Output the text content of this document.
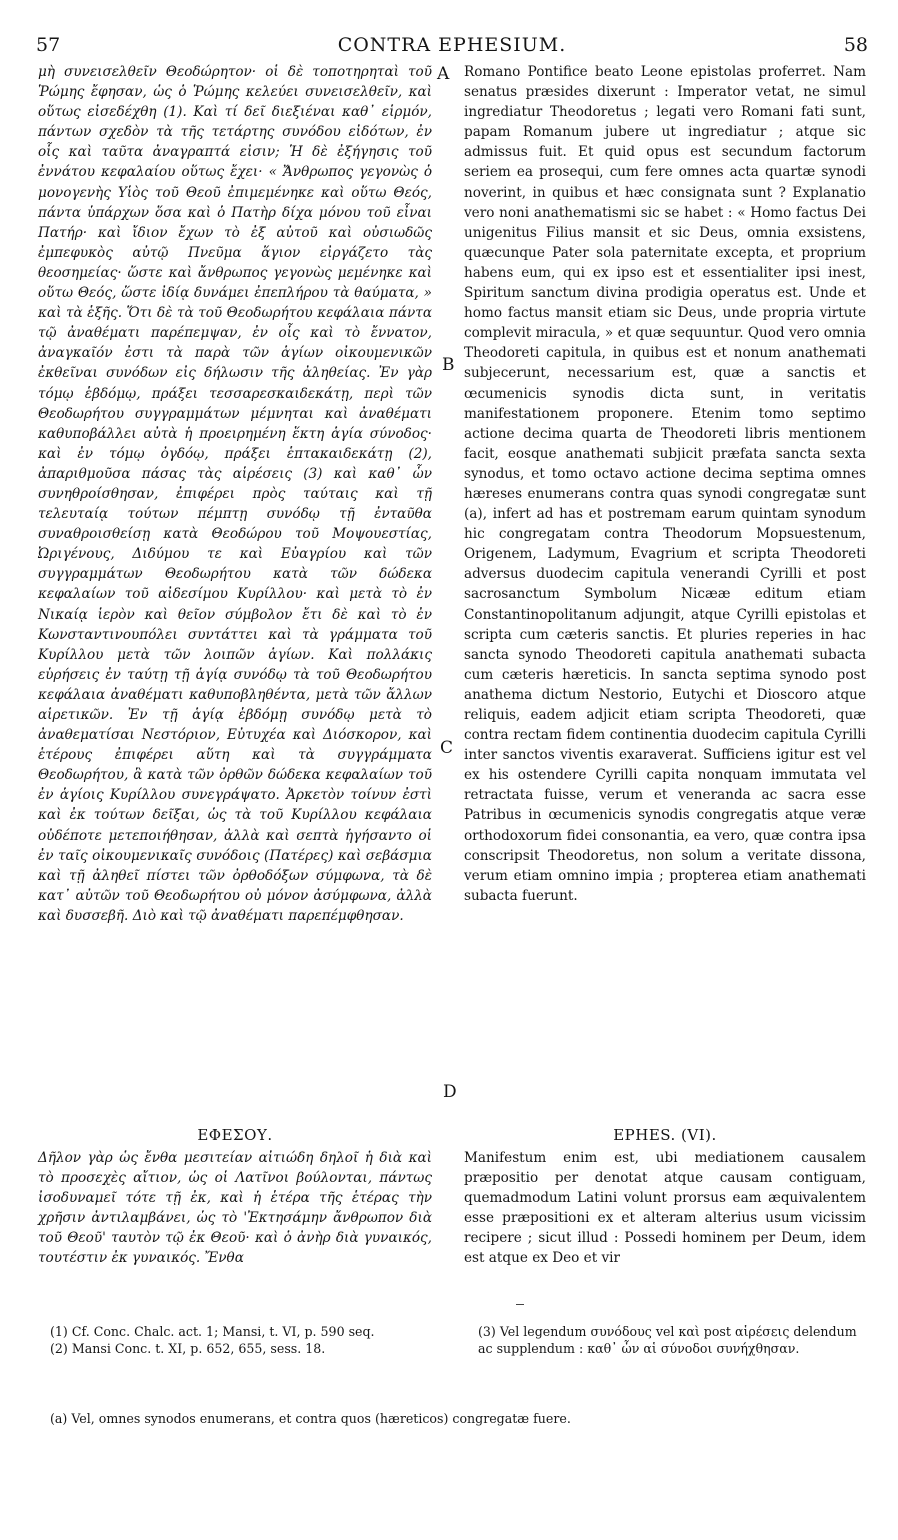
57	CONTRA EPHESIUM.	58

μὴ συνεισελθεῖν Θεοδώρητον· οἱ δὲ τοποτηρηταὶ τοῦ Ῥώμης ἔφησαν, ὡς ὁ Ῥώμης κελεύει συνεισελθεῖν, καὶ οὕτως εἰσεδέχθη (1). Καὶ τί δεῖ διεξιέναι καθ᾽ εἱρμόν, πάντων σχεδὸν τὰ τῆς τετάρτης συνόδου εἰδότων, ἐν οἷς καὶ ταῦτα ἀναγραπτά εἰσιν; Ἡ δὲ ἐξήγησις τοῦ ἐννάτου κεφαλαίου οὕτως ἔχει· « Ἄνθρωπος γεγονὼς ὁ μονογενὴς Υἱὸς τοῦ Θεοῦ ἐπιμεμένηκε καὶ οὕτω Θεός, πάντα ὑπάρχων ὅσα καὶ ὁ Πατὴρ δίχα μόνου τοῦ εἶναι Πατήρ· καὶ ἴδιον ἔχων τὸ ἐξ αὐτοῦ καὶ οὐσιωδῶς ἐμπεφυκὸς αὐτῷ Πνεῦμα ἅγιον εἰργάζετο τὰς θεοσημείας· ὥστε καὶ ἄνθρωπος γεγονὼς μεμένηκε καὶ οὕτω Θεός, ὥστε ἰδίᾳ δυνάμει ἐπεπλήρου τὰ θαύματα, » καὶ τὰ ἑξῆς. Ὅτι δὲ τὰ τοῦ Θεοδωρήτου κεφάλαια πάντα τῷ ἀναθέματι παρέπεμψαν, ἐν οἷς καὶ τὸ ἔννατον, ἀναγκαῖόν ἐστι τὰ παρὰ τῶν ἁγίων οἰκουμενικῶν ἐκθεῖναι συνόδων εἰς δήλωσιν τῆς ἀληθείας. Ἐν γὰρ τόμῳ ἑβδόμῳ, πράξει τεσσαρεσκαιδεκάτῃ, περὶ τῶν Θεοδωρήτου συγγραμμάτων μέμνηται καὶ ἀναθέματι καθυποβάλλει αὐτὰ ἡ προειρημένη ἕκτη ἁγία σύνοδος· καὶ ἐν τόμῳ ὀγδόῳ, πράξει ἑπτακαιδεκάτῃ (2), ἀπαριθμοῦσα πάσας τὰς αἱρέσεις (3) καὶ καθ᾽ ὧν συνηθροίσθησαν, ἐπιφέρει πρὸς ταύταις καὶ τῇ τελευταίᾳ τούτων πέμπτῃ συνόδῳ τῇ ἐνταῦθα συναθροισθείσῃ κατὰ Θεοδώρου τοῦ Μοψουεστίας, Ὠριγένους, Διδύμου τε καὶ Εὐαγρίου καὶ τῶν συγγραμμάτων Θεοδωρήτου κατὰ τῶν δώδεκα κεφαλαίων τοῦ αἰδεσίμου Κυρίλλου· καὶ μετὰ τὸ ἐν Νικαίᾳ ἱερὸν καὶ θεῖον σύμβολον ἔτι δὲ καὶ τὸ ἐν Κωνσταντινουπόλει συντάττει καὶ τὰ γράμματα τοῦ Κυρίλλου μετὰ τῶν λοιπῶν ἁγίων. Καὶ πολλάκις εὑρήσεις ἐν ταύτῃ τῇ ἁγίᾳ συνόδῳ τὰ τοῦ Θεοδωρήτου κεφάλαια ἀναθέματι καθυποβληθέντα, μετὰ τῶν ἄλλων αἱρετικῶν. Ἐν τῇ ἁγίᾳ ἑβδόμῃ συνόδῳ μετὰ τὸ ἀναθεματίσαι Νεστόριον, Εὐτυχέα καὶ Διόσκορον, καὶ ἑτέρους ἐπιφέρει αὕτη καὶ τὰ συγγράμματα Θεοδωρήτου, ἃ κατὰ τῶν ὀρθῶν δώδεκα κεφαλαίων τοῦ ἐν ἁγίοις Κυρίλλου συνεγράψατο. Ἀρκετὸν τοίνυν ἐστὶ καὶ ἐκ τούτων δεῖξαι, ὡς τὰ τοῦ Κυρίλλου κεφάλαια οὐδέποτε μετεποιήθησαν, ἀλλὰ καὶ σεπτὰ ἡγήσαντο οἱ ἐν ταῖς οἰκουμενικαῖς συνόδοις (Πατέρες) καὶ σεβάσμια καὶ τῇ ἀληθεῖ πίστει τῶν ὀρθοδόξων σύμφωνα, τὰ δὲ κατ᾽ αὐτῶν τοῦ Θεοδωρήτου οὐ μόνον ἀσύμφωνα, ἀλλὰ καὶ δυσσεβῆ. Διὸ καὶ τῷ ἀναθέματι παρεπέμφθησαν.

Romano Pontifice beato Leone epistolas proferret. Nam senatus præsides dixerunt : Imperator vetat, ne simul ingrediatur Theodoretus ; legati vero Romani fati sunt, papam Romanum jubere ut ingrediatur ; atque sic admissus fuit. Et quid opus est secundum factorum seriem ea prosequi, cum fere omnes acta quartæ synodi noverint, in quibus et hæc consignata sunt ? Explanatio vero noni anathematismi sic se habet : « Homo factus Dei unigenitus Filius mansit et sic Deus, omnia exsistens, quæcunque Pater sola paternitate excepta, et proprium habens eum, qui ex ipso est et essentialiter ipsi inest, Spiritum sanctum divina prodigia operatus est. Unde et homo factus mansit etiam sic Deus, unde propria virtute complevit miracula, » et quæ sequuntur. Quod vero omnia Theodoreti capitula, in quibus est et nonum anathemati subjecerunt, necessarium est, quæ a sanctis et œcumenicis synodis dicta sunt, in veritatis manifestationem proponere. Etenim tomo septimo actione decima quarta de Theodoreti libris mentionem facit, eosque anathemati subjicit præfata sancta sexta synodus, et tomo octavo actione decima septima omnes hæreses enumerans contra quas synodi congregatæ sunt (a), infert ad has et postremam earum quintam synodum hic congregatam contra Theodorum Mopsuestenum, Origenem, Ladymum, Evagrium et scripta Theodoreti adversus duodecim capitula venerandi Cyrilli et post sacrosanctum Symbolum Nicææ editum etiam Constantinopolitanum adjungit, atque Cyrilli epistolas et scripta cum cæteris sanctis. Et pluries reperies in hac sancta synodo Theodoreti capitula anathemati subacta cum cæteris hæreticis. In sancta septima synodo post anathema dictum Nestorio, Eutychi et Dioscoro atque reliquis, eadem adjicit etiam scripta Theodoreti, quæ contra rectam fidem continentia duodecim capitula Cyrilli inter sanctos viventis exaraverat. Sufficiens igitur est vel ex his ostendere Cyrilli capita nonquam immutata vel retractata fuisse, verum et veneranda ac sacra esse Patribus in œcumenicis synodis congregatis atque veræ orthodoxorum fidei consonantia, ea vero, quæ contra ipsa conscripsit Theodoretus, non solum a veritate dissona, verum etiam omnino impia ; propterea etiam anathemati subacta fuerunt.

A
B
C
D
ΕΦΕΣΟΥ.	EPHES. (VI).
Δῆλον γὰρ ὡς ἔνθα μεσιτείαν αἰτιώδη δηλοῖ ἡ διὰ καὶ τὸ προσεχὲς αἴτιον, ὡς οἱ Λατῖνοι βούλονται, πάντως ἰσοδυναμεῖ τότε τῇ ἐκ, καὶ ἡ ἑτέρα τῆς ἑτέρας τὴν χρῆσιν ἀντιλαμβάνει, ὡς τὸ 'Ἐκτησάμην ἄνθρωπον διὰ τοῦ Θεοῦ' ταυτὸν τῷ ἐκ Θεοῦ· καὶ ὁ ἀνὴρ διὰ γυναικός, τουτέστιν ἐκ γυναικός. Ἔνθα
Manifestum enim est, ubi mediationem causalem præpositio per denotat atque causam contiguam, quemadmodum Latini volunt prorsus eam æquivalentem esse præpositioni ex et alteram alterius usum vicissim recipere ; sicut illud : Possedi hominem per Deum, idem est atque ex Deo et vir

(1) Cf. Conc. Chalc. act. 1; Mansi, t. VI, p. 590 seq.

(2) Mansi Conc. t. XI, p. 652, 655, sess. 18.

(3) Vel legendum συνόδους vel καὶ post αἱρέσεις delendum ac supplendum : καθ᾽ ὧν αἱ σύνοδοι συνήχθησαν.

(a) Vel, omnes synodos enumerans, et contra quos (hæreticos) congregatæ fuere.
